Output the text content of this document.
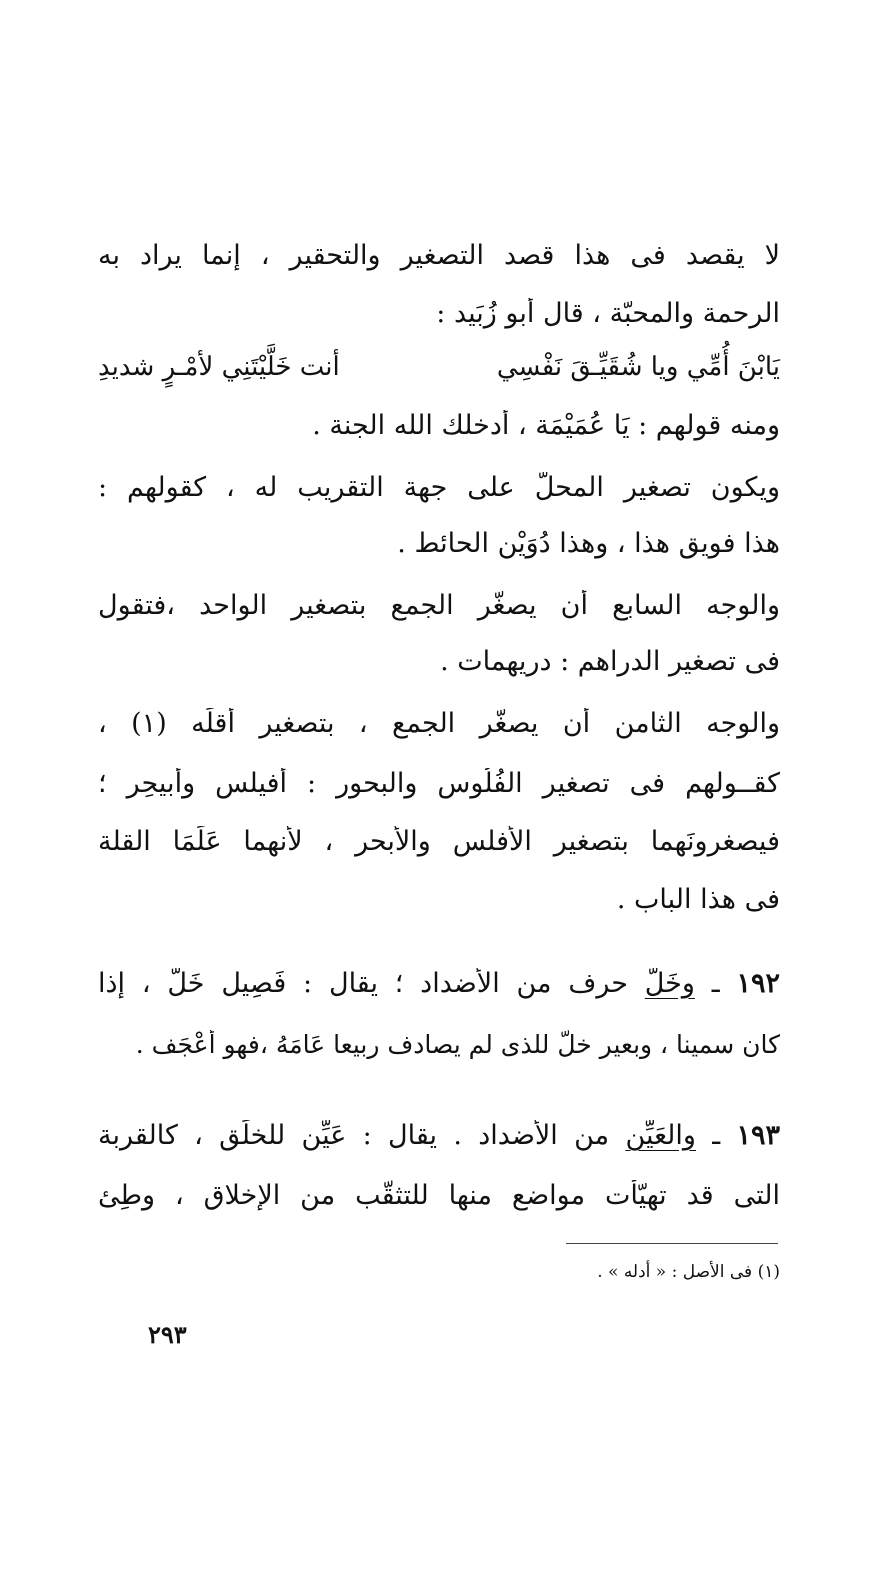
لا يقصد فى هذا قصد التصغير والتحقير ، إنما يراد به
الرحمة والمحبّة ، قال أَبو زُبَيد :
يَابْنَ أُمِّي ويا شُقَيِّـقَ نَفْسِي
أنت خَلَّيْتَنِي لأمْـرٍ شديدِ
ومنه قولهم : يَا عُمَيْمَة ، أدخلك الله الجنة .
ويكون تصغير المحلّ على جهة التقريب له ، كقولهم :
هذا فويق هذا ، وهذا دُوَيْن الحائط .
والوجه السابع أن يصغّر الجمع بتصغير الواحد ،فتقول
فى تصغير الدراهم : دريهمات .
والوجه الثامن أن يصغّر الجمع ، بتصغير أَقلِّه (١) ،
كقــولهم فى تصغير الفُلُوس والبحور : أُفيلس وأُبيحِر ؛
فيصغرونَهما بتصغير الأَفلس والأَبحر ، لأَنهما عَلَمَا القلة
فى هذا الباب .
١٩٢ ـ وخَلّ حرف من الأَضداد ؛ يقال : فَصِيل خَلّ ، إذا
كان سمينا ، وبعير خلّ للذى لم يصادف ربيعا عَامَهُ ،فهو أَعْجَف .
١٩٣ ـ والعَيِّن من الأَضداد . يقال : عَيِّن للخلَق ، كالقربة
التى قد تهيّأَت مواضع منها للتثقُّب من الإِخلاق ، وطِئ
(١) فى الأصل : « أدله » .
٢٩٣
